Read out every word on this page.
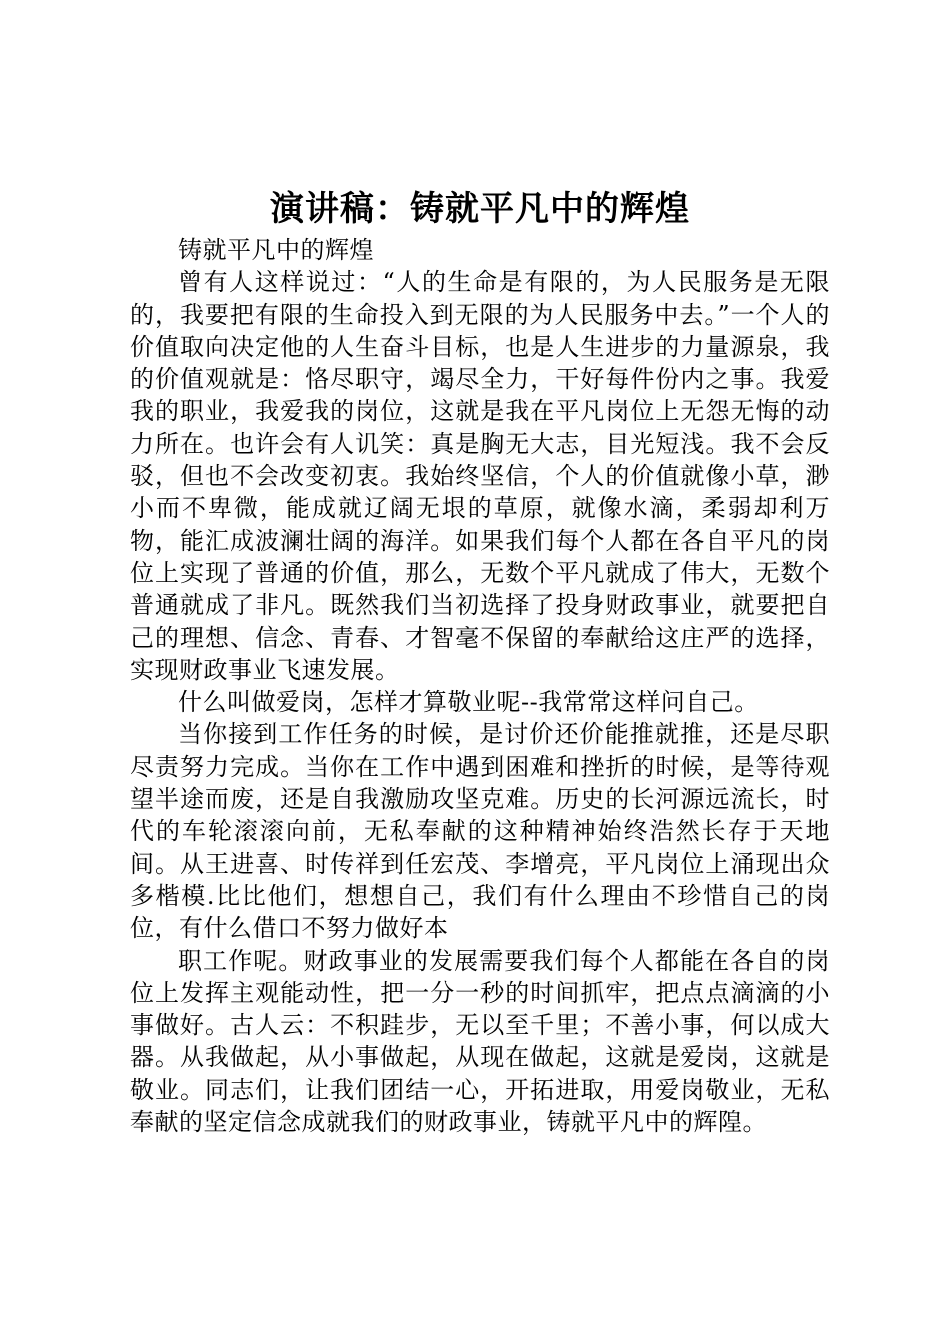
演讲稿：铸就平凡中的辉煌

铸就平凡中的辉煌

曾有人这样说过：“人的生命是有限的，为人民服务是无限的，我要把有限的生命投入到无限的为人民服务中去。”一个人的价值取向决定他的人生奋斗目标，也是人生进步的力量源泉，我的价值观就是：恪尽职守，竭尽全力，干好每件份内之事。我爱我的职业，我爱我的岗位，这就是我在平凡岗位上无怨无悔的动力所在。也许会有人讥笑：真是胸无大志，目光短浅。我不会反驳，但也不会改变初衷。我始终坚信，个人的价值就像小草，渺小而不卑微，能成就辽阔无垠的草原，就像水滴，柔弱却利万物，能汇成波澜壮阔的海洋。如果我们每个人都在各自平凡的岗位上实现了普通的价值，那么，无数个平凡就成了伟大，无数个普通就成了非凡。既然我们当初选择了投身财政事业，就要把自己的理想、信念、青春、才智毫不保留的奉献给这庄严的选择，实现财政事业飞速发展。

什么叫做爱岗，怎样才算敬业呢--我常常这样问自己。

当你接到工作任务的时候，是讨价还价能推就推，还是尽职尽责努力完成。当你在工作中遇到困难和挫折的时候，是等待观望半途而废，还是自我激励攻坚克难。历史的长河源远流长，时代的车轮滚滚向前，无私奉献的这种精神始终浩然长存于天地间。从王进喜、时传祥到任宏茂、李增亮，平凡岗位上涌现出众多楷模.比比他们，想想自己，我们有什么理由不珍惜自己的岗位，有什么借口不努力做好本

职工作呢。财政事业的发展需要我们每个人都能在各自的岗位上发挥主观能动性，把一分一秒的时间抓牢，把点点滴滴的小事做好。古人云：不积跬步，无以至千里；不善小事，何以成大器。从我做起，从小事做起，从现在做起，这就是爱岗，这就是敬业。同志们，让我们团结一心，开拓进取，用爱岗敬业，无私奉献的坚定信念成就我们的财政事业，铸就平凡中的辉隍。
